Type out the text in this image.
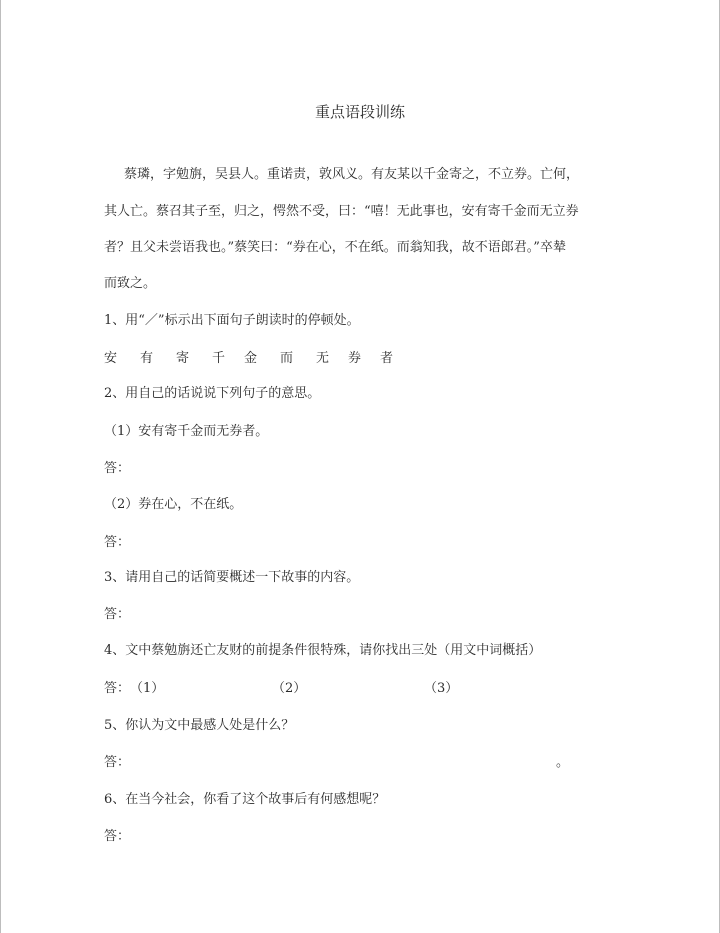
重点语段训练
蔡璘，字勉旃，吴县人。重诺责，敦风义。有友某以千金寄之，不立券。亡何，
其人亡。蔡召其子至，归之，愕然不受，曰：“嘻！无此事也，安有寄千金而无立券
者？且父未尝语我也。”蔡笑曰：“券在心，不在纸。而翁知我，故不语郎君。”卒辇
而致之。
1、用“／”标示出下面句子朗读时的停顿处。
安 有 寄 千 金 而 无 券 者
2、用自己的话说说下列句子的意思。
（1）安有寄千金而无券者。
答：
（2）券在心，不在纸。
答：
3、请用自己的话简要概述一下故事的内容。
答：
4、文中蔡勉旃还亡友财的前提条件很特殊，请你找出三处（用文中词概括）
答： （1）	（2）	（3）
5、你认为文中最感人处是什么？
答：	。
6、在当今社会，你看了这个故事后有何感想呢？
答：
